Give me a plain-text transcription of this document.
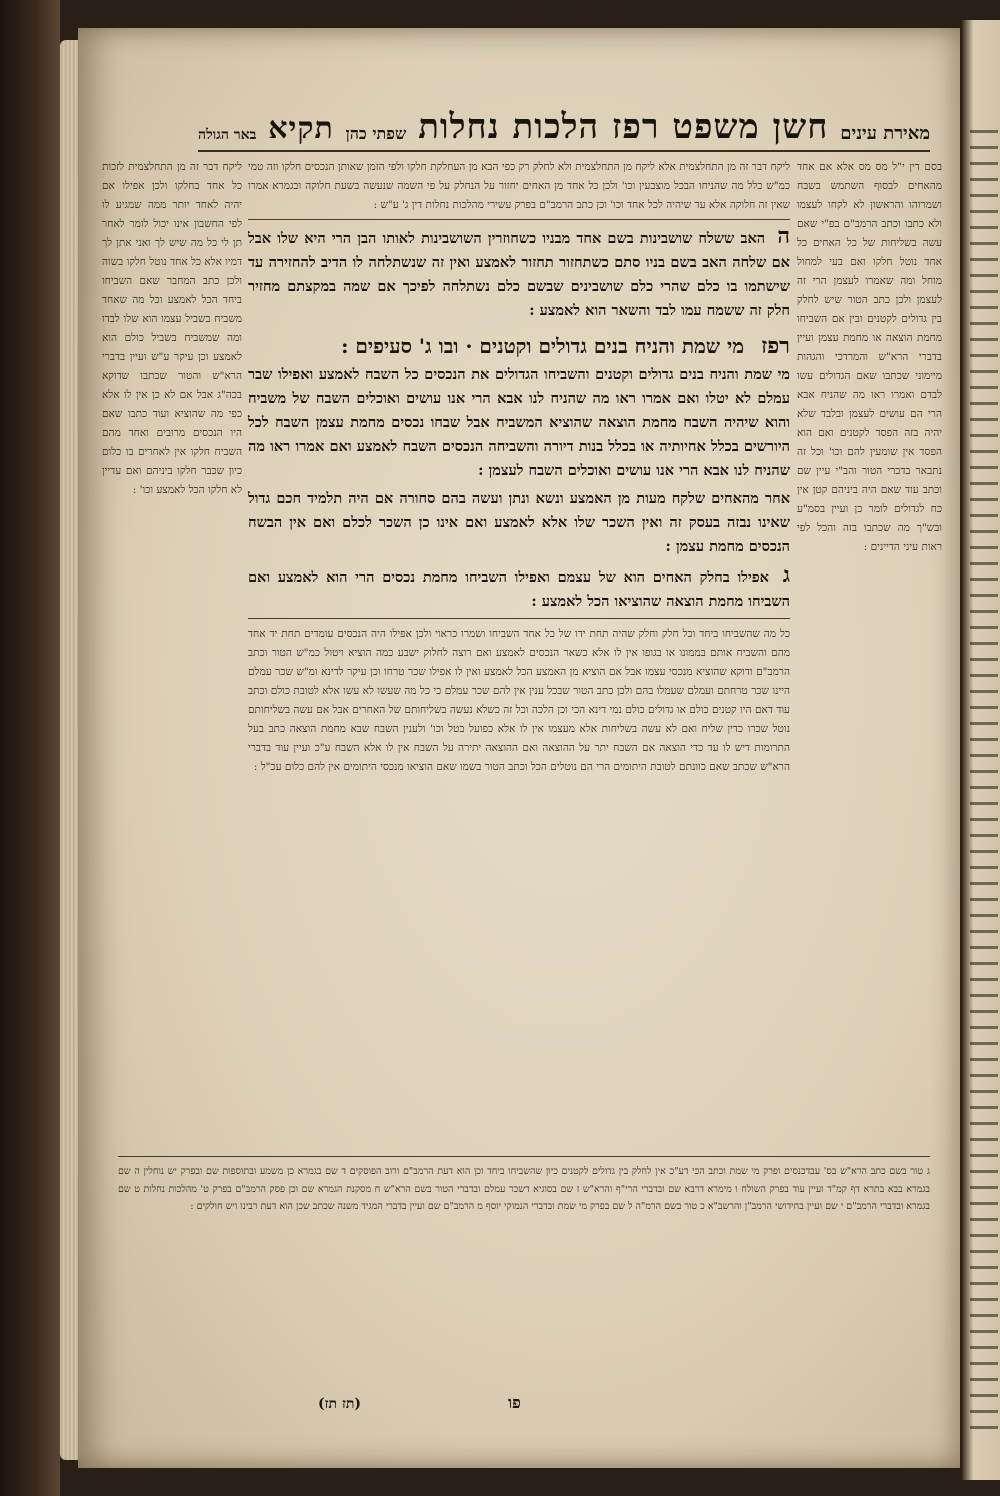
מאירת עינים
חשן משפט רפז הלכות נחלות
שפתי כהן
תקיא
באר הגולה
בסם דין י"ל מס מס אלא אם אחד מהאחים לבסוף השתמש בשבח ושמרוהו והראשון לא לקחו לעצמו ולא כתבו וכתב הרמב"ם בפ"י שאם עשה בשליחות של כל האחים כל אחד נוטל חלקו ואם בעי למחול מוחל ומה שאמרו לעצמן הרי זה לעצמן ולכן כתב הטור שיש לחלק בין גדולים לקטנים ובין אם השביחו מחמת הוצאה או מחמת עצמן ועיין בדברי הרא"ש והמרדכי והגהות מיימוני שכתבו שאם הגדולים עשו לבדם ואמרו ראו מה שהניח אבא הרי הם עושים לעצמן ובלבד שלא יהיה בזה הפסד לקטנים ואם הוא הפסד אין שומעין להם וכו' וכל זה נתבאר בדברי הטור והב"י עיין שם וכתב עוד שאם היה ביניהם קטן אין כח לגדולים לומר כן ועיין בסמ"ע ובש"ך מה שכתבו בזה והכל לפי ראות עיני הדיינים :
ליקח דבר זה מן התחלצמית אלא ליקח מן התחלצמית ולא לחלק רק כפי הבא מן העחלקת חלקו ולפי הזמן שאותן הנכסים חלקו וזה טמי כמ"ש כלל מה שהניחו הבכל מוצבעין וכו' ולכן כל אחד מן האחים יחזור על הנחלק על פי השמה שנעשה בשעת חלוקה ובגמרא אמרו שאין זה חלוקה אלא עד שיהיה לכל אחד וכו' וכן כתב הרמב"ם בפרק עשירי מהלכות נחלות דין ג' ע"ש :
ה האב ששלח שושבינות בשם אחד מבניו כשחוזרין השושבינות לאותו הבן הרי היא שלו אבל אם שלחה האב בשם בניו סתם כשתחזור תחזור לאמצע ואין זה שנשתלחה לו הדיב להחזירה עד שישתמו בו כלם שהרי כלם שושבינים שבשם כלם נשתלחה לפיכך אם שמה במקצתם מחזיר חלק זה ששמח עמו לבד והשאר הוא לאמצע :
רפז מי שמת והניח בנים גדולים וקטנים · ובו ג' סעיפים :
מי שמת והניח בנים גדולים וקטנים והשביחו הגדולים את הנכסים כל השבח לאמצע ואפילו שבר עמלם לא יטלו ואם אמרו ראו מה שהניח לנו אבא הרי אנו עושים ואוכלים השבח של משביח והוא שיהיה השבח מחמת הוצאה שהוציא המשביח אבל שבחו נכסים מחמת עצמן השבח לכל היורשים בכלל אחיותיה או בכלל בנות דיורה והשביחה הנכסים השבח לאמצע ואם אמרו ראו מה שהניח לנו אבא הרי אנו עושים ואוכלים השבח לעצמן :
אחר מהאחים שלקח מעות מן האמצע ונשא ונתן ועשה בהם סחורה אם היה תלמיד חכם גדול שאינו נבזה בעסק זה ואין השכר שלו אלא לאמצע ואם אינו כן השכר לכלם ואם אין הבשח הנכסים מחמת עצמן :
ג אפילו בחלק האחים הוא של עצמם ואפילו השביחו מחמת נכסים הרי הוא לאמצע ואם השביחו מחמת הוצאה שהוציאו הכל לאמצע :
כל מה שהשביחו ביחד וכל חלק וחלק שהיה תחת ידו של כל אחד השביחו ושמרו כראוי ולכן אפילו היה הנכסים עומדים תחת יד אחד מהם והשביח אותם בממונו או בגופו אין לו אלא כשאר הנכסים לאמצע ואם רוצה לחלוק ישבע כמה הוציא ויטול כמ"ש הטור וכתב הרמב"ם ודוקא שהוציא מנכסי עצמו אבל אם הוציא מן האמצע הכל לאמצע ואין לו אפילו שכר טרחו וכן עיקר לדינא ומ"ש שכר עמלם היינו שכר טרחתם ועמלם שעמלו בהם ולכן כתב הטור שבכל ענין אין להם שכר עמלם כי כל מה שעשו לא עשו אלא לטובת כולם וכתב עוד דאם היו קטנים כולם או גדולים כולם נמי דינא הכי וכן הלכה וכל זה כשלא נעשה בשליחותם של האחרים אבל אם עשה בשליחותם נוטל שכרו כדין שליח ואם לא עשה בשליחות אלא מעצמו אין לו אלא כפועל בטל וכו' ולענין השבח שבא מחמת הוצאה כתב בעל התרומות דיש לו עד כדי הוצאה אם השבח יתר על ההוצאה ואם ההוצאה יתירה על השבח אין לו אלא השבח ע"כ ועיין עוד בדברי הרא"ש שכתב שאם כוונתם לטובת היתומים הרי הם נוטלים הכל וכתב הטור בשמו שאם הוציאו מנכסי היתומים אין להם כלום עכ"ל :
ליקח דבר זה מן התחלצמית לזכות כל אחד בחלקו ולכן אפילו אם יהיה לאחד יותר ממה שמגיע לו לפי החשבון אינו יכול לומר לאחר תן לי כל מה שיש לך ואני אתן לך דמיו אלא כל אחד נוטל חלקו בשוה ולכן כתב המחבר שאם השביחו ביחד הכל לאמצע וכל מה שאחד משביח בשביל עצמו הוא שלו לבדו ומה שמשביח בשביל כולם הוא לאמצע וכן עיקר ע"ש ועיין בדברי הרא"ש והטור שכתבו שדוקא בכה"ג אבל אם לא כן אין לו אלא כפי מה שהוציא ועוד כתבו שאם היו הנכסים מרובים ואחד מהם השביח חלקו אין לאחרים בו כלום כיון שכבר חלקו ביניהם ואם עדיין לא חלקו הכל לאמצע וכו' :
ג טור בשם כתב הרא"ש בס' עבדכנסים ופרק מי שמת וכתב הכי דע"כ אין לחלק בין גדולים לקטנים כיון שהשביחו ביחד וכן הוא דעת הרמב"ם ורוב הפוסקים ד שם בגמרא כן משמע ובתוספות שם ובפרק יש נוחלין ה שם בגמרא בבא בתרא דף קמ"ד ועיין עוד בפרק השולח ו מימרא דרבא שם ובדברי הרי"ף והרא"ש ז שם בסוגיא דשכר עמלם ובדברי הטור בשם הרא"ש ח מסקנת הגמרא שם וכן פסק הרמב"ם בפרק ט' מהלכות נחלות ט שם בגמרא ובדברי הרמב"ם י שם ועיין בחידושי הרמב"ן והרשב"א כ טור בשם הרמ"ה ל שם בפרק מי שמת ובדברי הנמוקי יוסף מ הרמב"ם שם ועיין בדברי המגיד משנה שכתב שכן הוא דעת רבינו ויש חולקים :
(תז תז)	פו
